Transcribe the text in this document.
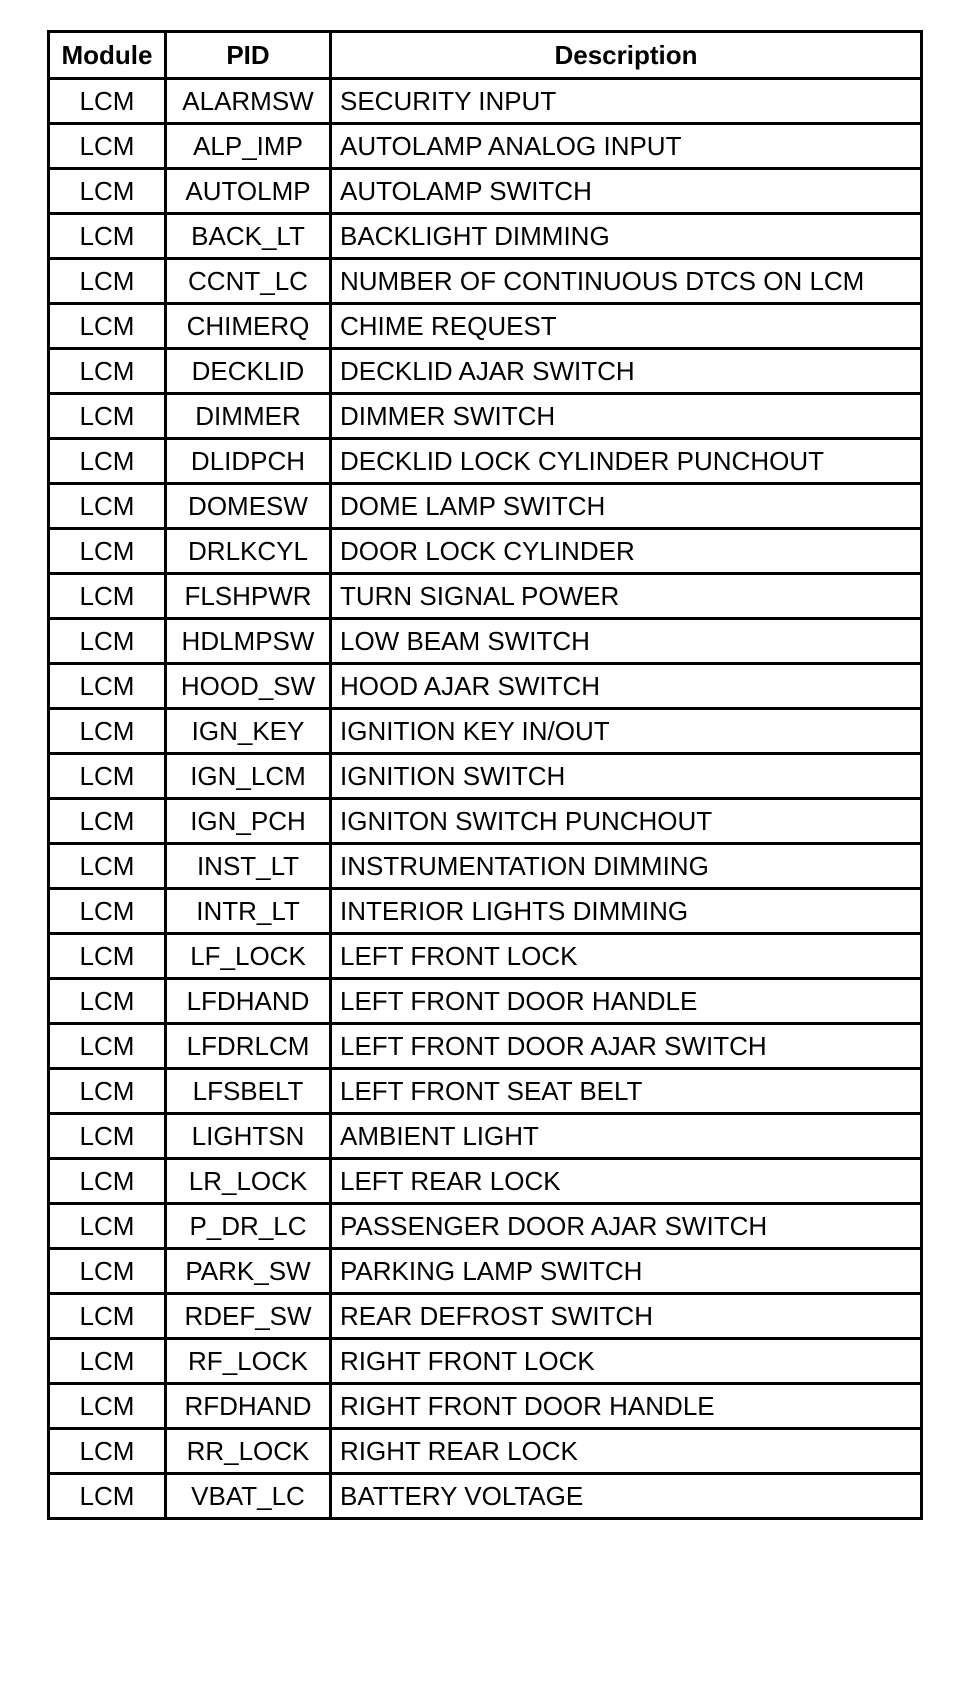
Module	PID	Description
LCM	ALARMSW	SECURITY INPUT
LCM	ALP_IMP	AUTOLAMP ANALOG INPUT
LCM	AUTOLMP	AUTOLAMP SWITCH
LCM	BACK_LT	BACKLIGHT DIMMING
LCM	CCNT_LC	NUMBER OF CONTINUOUS DTCS ON LCM
LCM	CHIMERQ	CHIME REQUEST
LCM	DECKLID	DECKLID AJAR SWITCH
LCM	DIMMER	DIMMER SWITCH
LCM	DLIDPCH	DECKLID LOCK CYLINDER PUNCHOUT
LCM	DOMESW	DOME LAMP SWITCH
LCM	DRLKCYL	DOOR LOCK CYLINDER
LCM	FLSHPWR	TURN SIGNAL POWER
LCM	HDLMPSW	LOW BEAM SWITCH
LCM	HOOD_SW	HOOD AJAR SWITCH
LCM	IGN_KEY	IGNITION KEY IN/OUT
LCM	IGN_LCM	IGNITION SWITCH
LCM	IGN_PCH	IGNITON SWITCH PUNCHOUT
LCM	INST_LT	INSTRUMENTATION DIMMING
LCM	INTR_LT	INTERIOR LIGHTS DIMMING
LCM	LF_LOCK	LEFT FRONT LOCK
LCM	LFDHAND	LEFT FRONT DOOR HANDLE
LCM	LFDRLCM	LEFT FRONT DOOR AJAR SWITCH
LCM	LFSBELT	LEFT FRONT SEAT BELT
LCM	LIGHTSN	AMBIENT LIGHT
LCM	LR_LOCK	LEFT REAR LOCK
LCM	P_DR_LC	PASSENGER DOOR AJAR SWITCH
LCM	PARK_SW	PARKING LAMP SWITCH
LCM	RDEF_SW	REAR DEFROST SWITCH
LCM	RF_LOCK	RIGHT FRONT LOCK
LCM	RFDHAND	RIGHT FRONT DOOR HANDLE
LCM	RR_LOCK	RIGHT REAR LOCK
LCM	VBAT_LC	BATTERY VOLTAGE
